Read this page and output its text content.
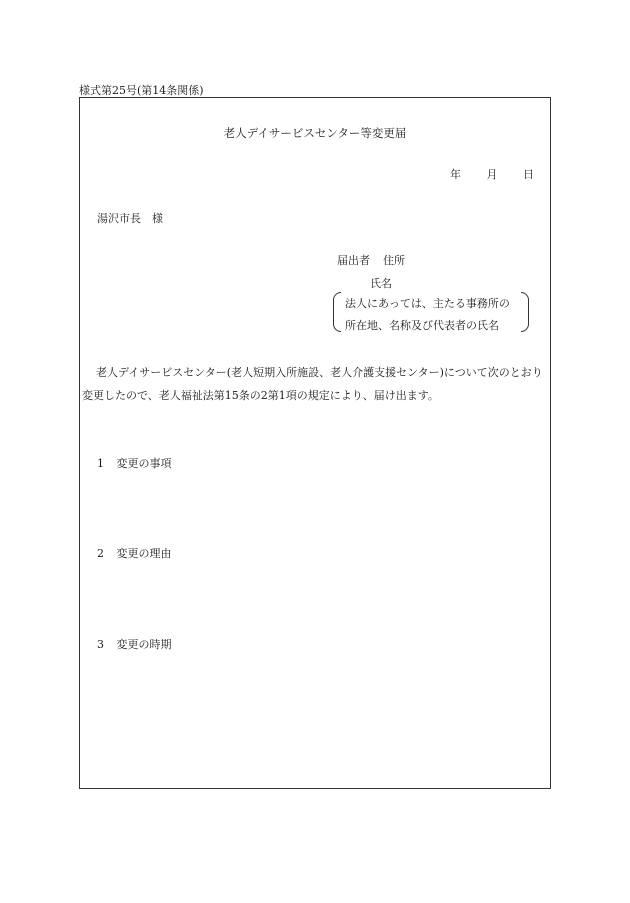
様式第25号(第14条関係)
老人デイサービスセンター等変更届
年 月 日
湯沢市長　様
届出者 住所
氏名
法人にあっては、主たる事務所の
所在地、名称及び代表者の氏名
老人デイサービスセンター(老人短期入所施設、老人介護支援センター)について次のとおり変更したので、老人福祉法第15条の2第1項の規定により、届け出ます。
1 変更の事項
2 変更の理由
3 変更の時期
